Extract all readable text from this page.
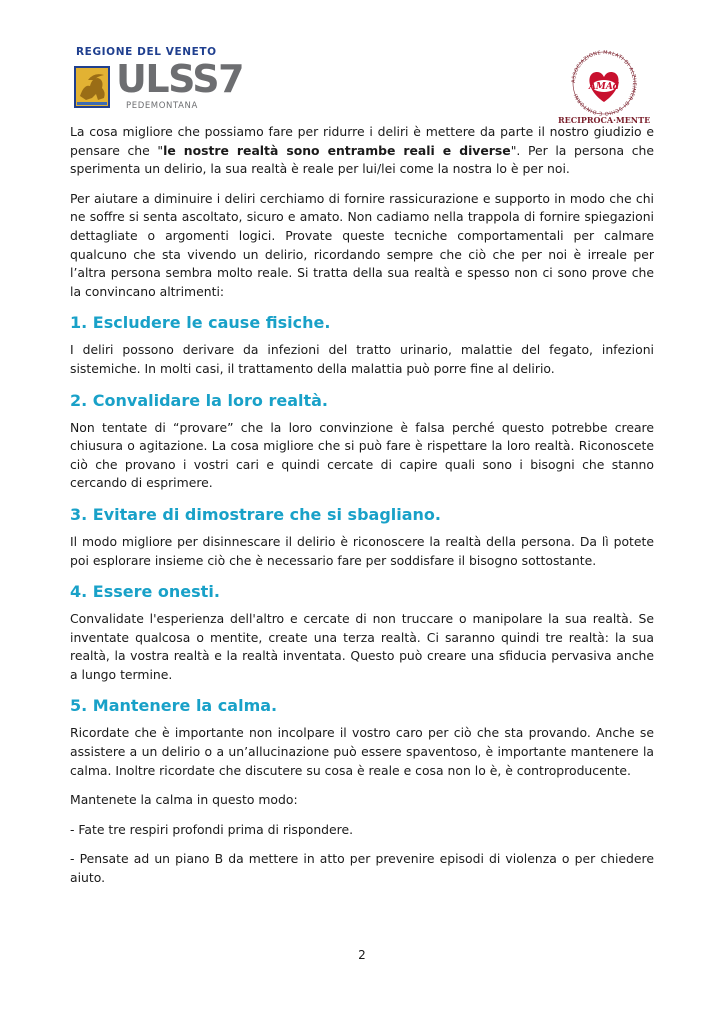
REGIONE DEL VENETO
ULSS7
PEDEMONTANA
ASSOCIAZIONE MALATI DI ALZHEIMER DI SCHIO E DINTORNI
AMAd
RECIPROCA·MENTE

La cosa migliore che possiamo fare per ridurre i deliri è mettere da parte il nostro giudizio e pensare che "le nostre realtà sono entrambe reali e diverse". Per la persona che sperimenta un delirio, la sua realtà è reale per lui/lei come la nostra lo è per noi.

Per aiutare a diminuire i deliri cerchiamo di fornire rassicurazione e supporto in modo che chi ne soffre si senta ascoltato, sicuro e amato. Non cadiamo nella trappola di fornire spiegazioni dettagliate o argomenti logici. Provate queste tecniche comportamentali per calmare qualcuno che sta vivendo un delirio, ricordando sempre che ciò che per noi è irreale per l’altra persona sembra molto reale. Si tratta della sua realtà e spesso non ci sono prove che la convincano altrimenti:

1. Escludere le cause fisiche.

I deliri possono derivare da infezioni del tratto urinario, malattie del fegato, infezioni sistemiche. In molti casi, il trattamento della malattia può porre fine al delirio.

2. Convalidare la loro realtà.

Non tentate di “provare” che la loro convinzione è falsa perché questo potrebbe creare chiusura o agitazione. La cosa migliore che si può fare è rispettare la loro realtà. Riconoscete ciò che provano i vostri cari e quindi cercate di capire quali sono i bisogni che stanno cercando di esprimere.

3. Evitare di dimostrare che si sbagliano.

Il modo migliore per disinnescare il delirio è riconoscere la realtà della persona. Da lì potete poi esplorare insieme ciò che è necessario fare per soddisfare il bisogno sottostante.

4. Essere onesti.

Convalidate l'esperienza dell'altro e cercate di non truccare o manipolare la sua realtà. Se inventate qualcosa o mentite, create una terza realtà. Ci saranno quindi tre realtà: la sua realtà, la vostra realtà e la realtà inventata. Questo può creare una sfiducia pervasiva anche a lungo termine.

5. Mantenere la calma.

Ricordate che è importante non incolpare il vostro caro per ciò che sta provando. Anche se assistere a un delirio o a un’allucinazione può essere spaventoso, è importante mantenere la calma. Inoltre ricordate che discutere su cosa è reale e cosa non lo è, è controproducente.

Mantenete la calma in questo modo:

- Fate tre respiri profondi prima di rispondere.
- Pensate ad un piano B da mettere in atto per prevenire episodi di violenza o per chiedere aiuto.
2
